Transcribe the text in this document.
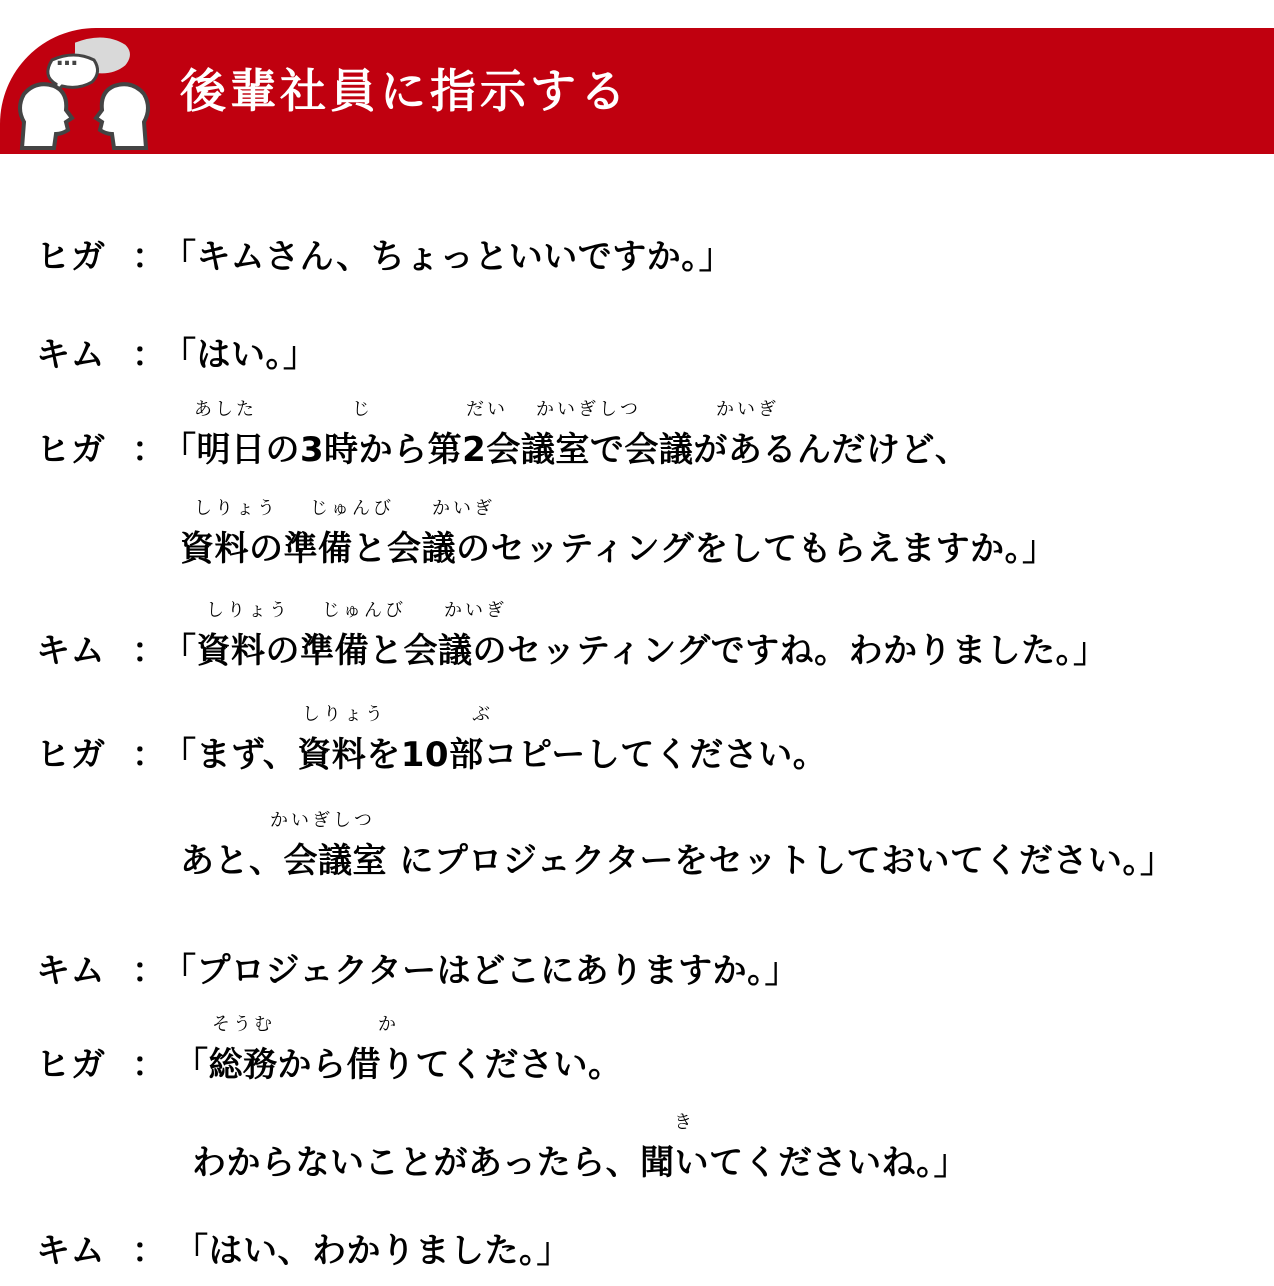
…
後輩社員に指示する
ヒガ ：
「キムさん、ちょっといいですか。」
キム ：
「はい。」
あした	じ	だい かいぎしつ	かいぎ
ヒガ ：
「明日の3時から第2会議室で会議があるんだけど、
しりょう じゅんび かいぎ
資料の準備と会議のセッティングをしてもらえますか。」
しりょう じゅんび かいぎ
キム ：
「資料の準備と会議のセッティングですね。わかりました。」
しりょう	ぶ
ヒガ ：
「まず、資料を10部コピーしてください。
かいぎしつ
あと、会議室 にプロジェクターをセットしておいてください。」
キム ：
「プロジェクターはどこにありますか。」
そうむ	か
ヒガ ： 「総務から借りてください。
き
わからないことがあったら、聞いてくださいね。」
キム ： 「はい、わかりました。」
